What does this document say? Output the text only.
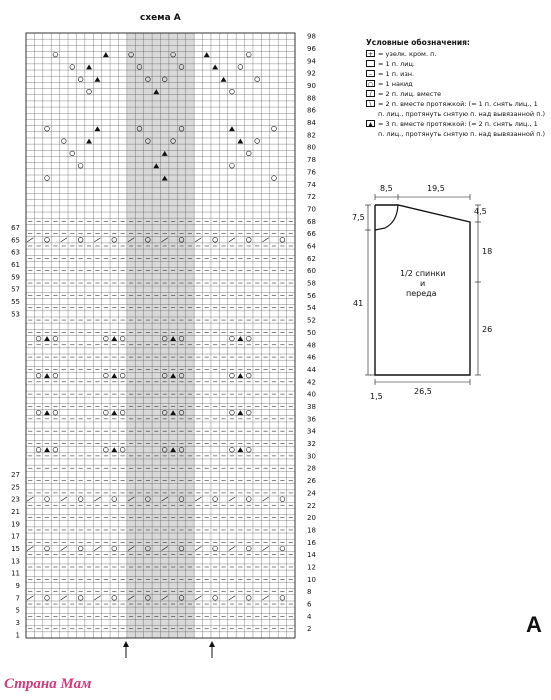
схема А
67
65
63
61
59
57
55
53
27
25
23
21
19
17
15
13
11
9
7
5
3
1
98
96
94
92
90
88
86
84
82
80
78
76
74
72
70
68
66
64
62
60
58
56
54
52
50
48
46
44
42
40
38
36
34
32
30
28
26
24
22
20
18
16
14
12
10
8
6
4
2
Условные обозначения:
+ = узелк. кром. п.
= 1 п. лиц.
– = 1 п. изн.
○ = 1 накид
/ = 2 п. лиц. вместе
\ = 2 п. вместе протяжкой: (= 1 п. снять лиц., 1 п. лиц., протянуть снятую п. над вывязанной п.)
▲ = 3 п. вместе протяжкой: (= 2 п. снять лиц., 1 п. лиц., протянуть снятую п. над вывязанной п.)
8,5	19,5
7,5
4,5
18
41
1/2 спинки
и
переда
26
26,5
1,5
А
Страна Мам
